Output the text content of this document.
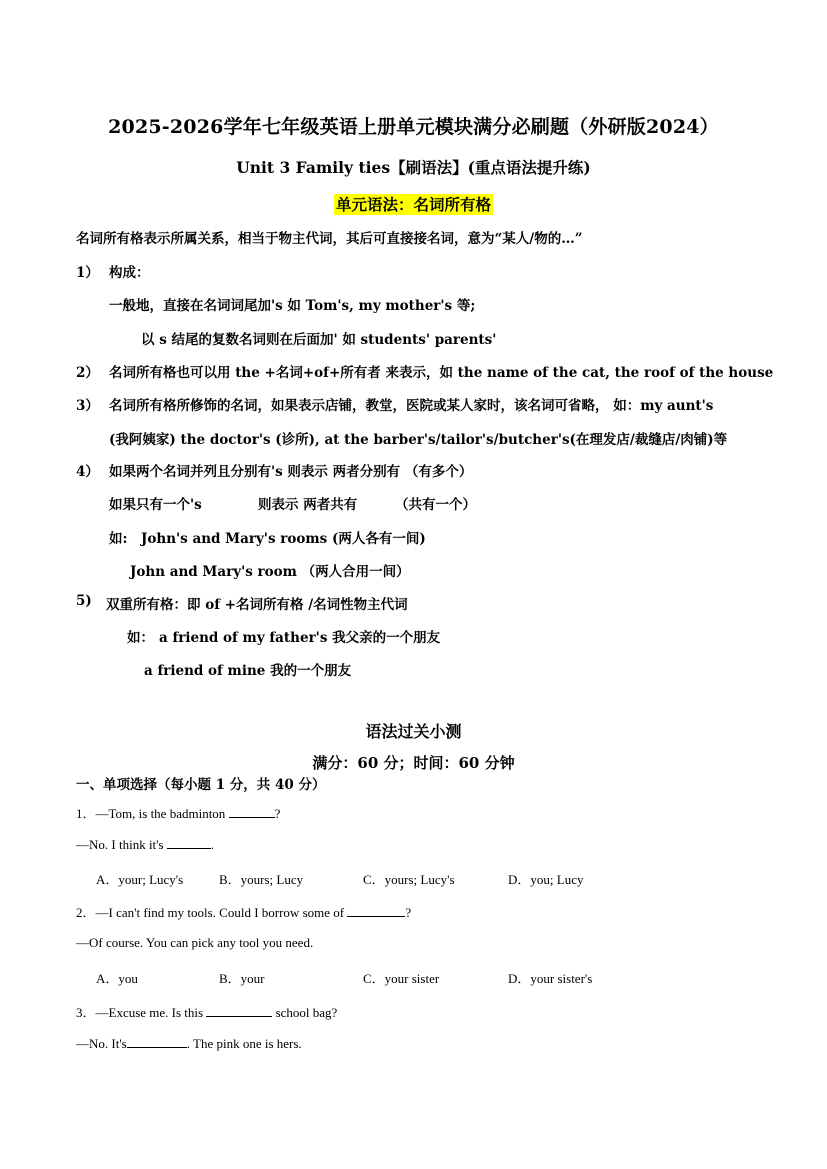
2025-2026学年七年级英语上册单元模块满分必刷题（外研版2024）
Unit 3 Family ties【刷语法】(重点语法提升练)
单元语法：名词所有格
名词所有格表示所属关系，相当于物主代词，其后可直接接名词，意为“某人/物的…”
1） 构成：
一般地，直接在名词词尾加's 如 Tom's, my mother's 等;
以 s 结尾的复数名词则在后面加' 如 students' parents'
2） 名词所有格也可以用 the +名词+of+所有者 来表示，如 the name of the cat, the roof of the house
3） 名词所有格所修饰的名词，如果表示店铺，教堂，医院或某人家时，该名词可省略， 如：my aunt's
(我阿姨家) the doctor's (诊所), at the barber's/tailor's/butcher's(在理发店/裁缝店/肉铺)等
4） 如果两个名词并列且分别有's 则表示 两者分别有 （有多个）
如果只有一个's	则表示 两者共有	（共有一个）
如: John's and Mary's rooms (两人各有一间)
John and Mary's room （两人合用一间）
5) 双重所有格：即 of +名词所有格 /名词性物主代词
如： a friend of my father's 我父亲的一个朋友
a friend of mine 我的一个朋友
语法过关小测
满分：60 分；时间：60 分钟
一、单项选择（每小题 1 分，共 40 分）
1．—Tom, is the badminton	?
—No. I think it's	.
A．your; Lucy's	B．yours; Lucy	C．yours; Lucy's	D．you; Lucy
2．—I can't find my tools. Could I borrow some of	?
—Of course. You can pick any tool you need.
A．you	B．your	C．your sister	D．your sister's
3．—Excuse me. Is this	school bag?
—No. It's	. The pink one is hers.
